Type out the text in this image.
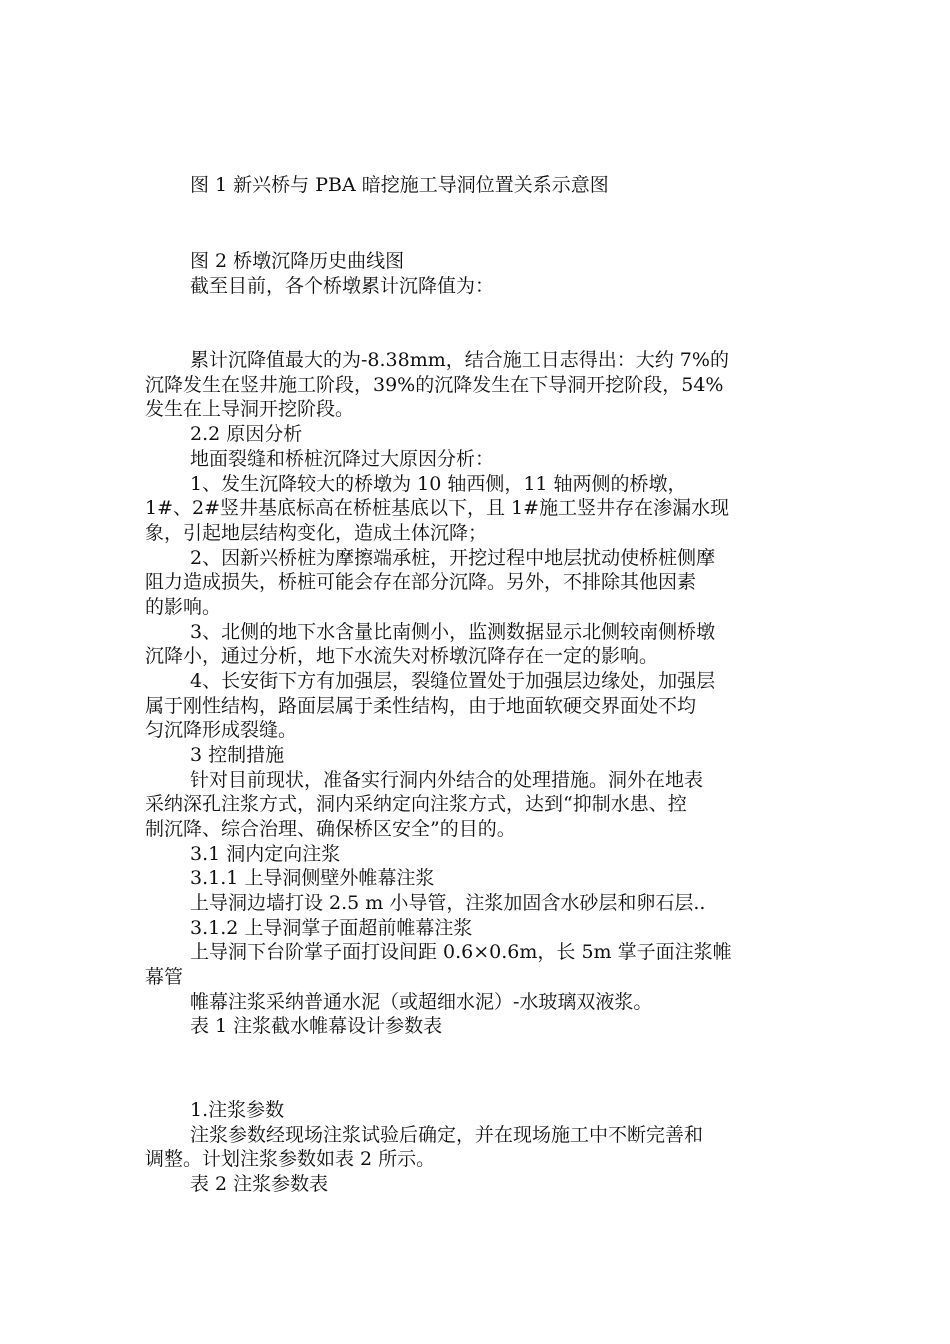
图 1 新兴桥与 PBA 暗挖施工导洞位置关系示意图
图 2 桥墩沉降历史曲线图
截至目前，各个桥墩累计沉降值为：
累计沉降值最大的为-8.38mm，结合施工日志得出：大约 7%的
沉降发生在竖井施工阶段，39%的沉降发生在下导洞开挖阶段，54%
发生在上导洞开挖阶段。
2.2 原因分析
地面裂缝和桥桩沉降过大原因分析：
1、发生沉降较大的桥墩为 10 轴西侧，11 轴两侧的桥墩，
1#、2#竖井基底标高在桥桩基底以下，且 1#施工竖井存在渗漏水现
象，引起地层结构变化，造成土体沉降；
2、因新兴桥桩为摩擦端承桩，开挖过程中地层扰动使桥桩侧摩
阻力造成损失，桥桩可能会存在部分沉降。另外，不排除其他因素
的影响。
3、北侧的地下水含量比南侧小，监测数据显示北侧较南侧桥墩
沉降小，通过分析，地下水流失对桥墩沉降存在一定的影响。
4、长安街下方有加强层，裂缝位置处于加强层边缘处，加强层
属于刚性结构，路面层属于柔性结构，由于地面软硬交界面处不均
匀沉降形成裂缝。
3 控制措施
针对目前现状，准备实行洞内外结合的处理措施。洞外在地表
采纳深孔注浆方式，洞内采纳定向注浆方式，达到“抑制水患、控
制沉降、综合治理、确保桥区安全”的目的。
3.1 洞内定向注浆
3.1.1 上导洞侧壁外帷幕注浆
上导洞边墙打设 2.5 m 小导管，注浆加固含水砂层和卵石层..
3.1.2 上导洞掌子面超前帷幕注浆
上导洞下台阶掌子面打设间距 0.6×0.6m，长 5m 掌子面注浆帷
幕管
帷幕注浆采纳普通水泥（或超细水泥）-水玻璃双液浆。
表 1 注浆截水帷幕设计参数表
1.注浆参数
注浆参数经现场注浆试验后确定，并在现场施工中不断完善和
调整。计划注浆参数如表 2 所示。
表 2 注浆参数表
